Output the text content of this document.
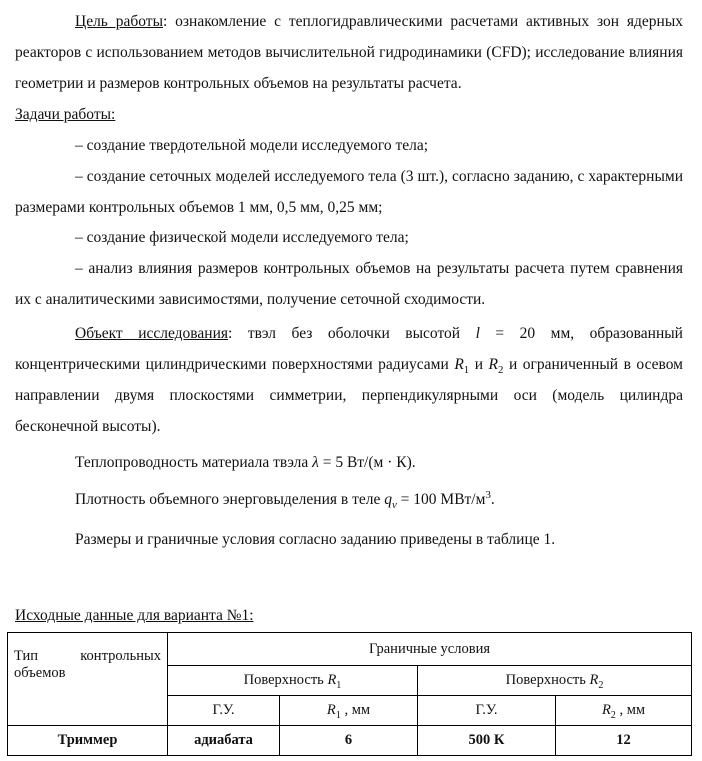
Цель работы: ознакомление с теплогидравлическими расчетами активных зон ядерных реакторов с использованием методов вычислительной гидродинамики (CFD); исследование влияния геометрии и размеров контрольных объемов на результаты расчета.

Задачи работы:

– создание твердотельной модели исследуемого тела;

– создание сеточных моделей исследуемого тела (3 шт.), согласно заданию, с характерными размерами контрольных объемов 1 мм, 0,5 мм, 0,25 мм;

– создание физической модели исследуемого тела;

– анализ влияния размеров контрольных объемов на результаты расчета путем сравнения их с аналитическими зависимостями, получение сеточной сходимости.

Объект исследования: твэл без оболочки высотой l = 20 мм, образованный концентрическими цилиндрическими поверхностями радиусами $R_1$ и $R_2$ и ограниченный в осевом направлении двумя плоскостями симметрии, перпендикулярными оси (модель цилиндра бесконечной высоты).

Теплопроводность материала твэла λ = 5 Вт/(м · К).

Плотность объемного энерговыделения в теле $q_v = 100$ МВт/$м^3$.

Размеры и граничные условия согласно заданию приведены в таблице 1.

Исходные данные для варианта №1:

Тип контрольных объемов	Граничные условия			
	Поверхность $R_1$		Поверхность $R_2$
	Г.У.	$R_1$ , мм	Г.У.	$R_2$ , мм
Триммер	адиабата	6	500 К	12
